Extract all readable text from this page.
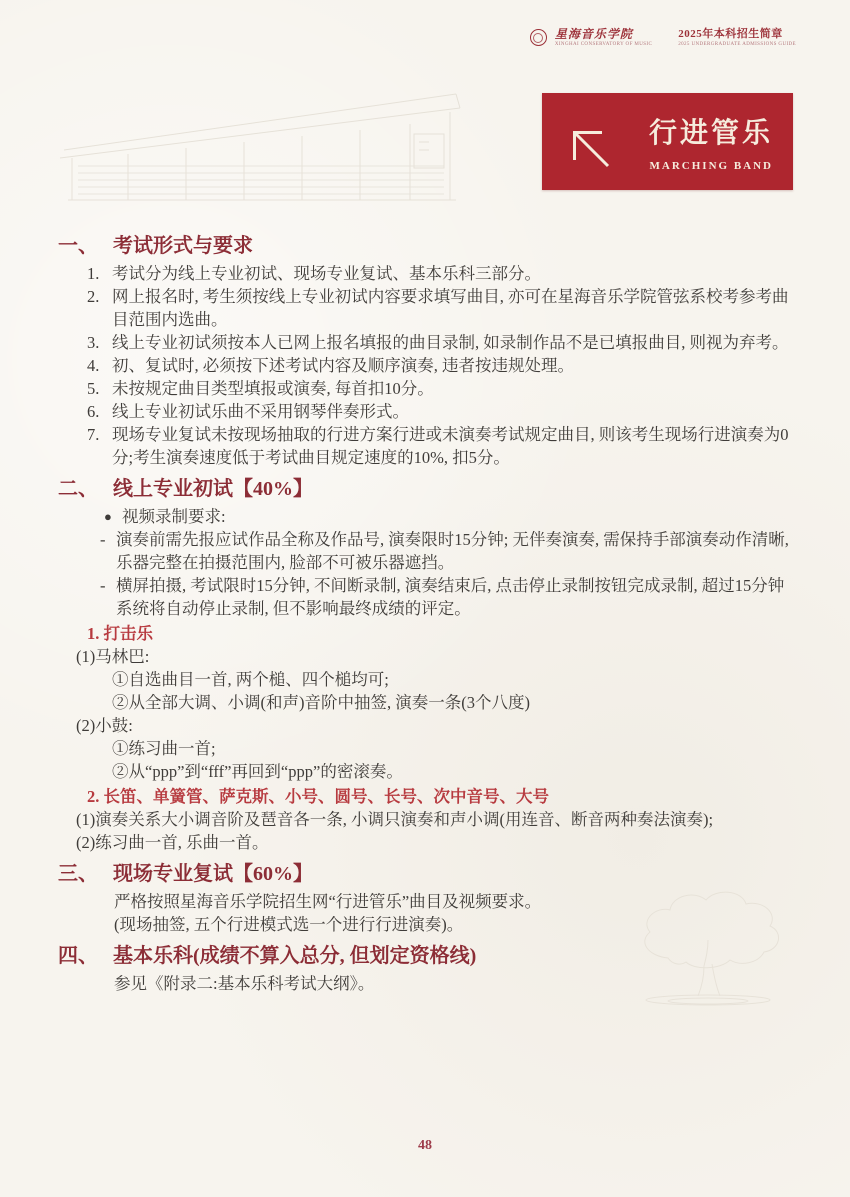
星海音乐学院
XINGHAI CONSERVATORY OF MUSIC
2025年本科招生简章
2025 UNDERGRADUATE ADMISSIONS GUIDE
行进管乐
MARCHING BAND
一、 考试形式与要求
1. 考试分为线上专业初试、现场专业复试、基本乐科三部分。
2. 网上报名时, 考生须按线上专业初试内容要求填写曲目, 亦可在星海音乐学院管弦系校考参考曲目范围内选曲。
3. 线上专业初试须按本人已网上报名填报的曲目录制, 如录制作品不是已填报曲目, 则视为弃考。
4. 初、复试时, 必须按下述考试内容及顺序演奏, 违者按违规处理。
5. 未按规定曲目类型填报或演奏, 每首扣10分。
6. 线上专业初试乐曲不采用钢琴伴奏形式。
7. 现场专业复试未按现场抽取的行进方案行进或未演奏考试规定曲目, 则该考生现场行进演奏为0分;考生演奏速度低于考试曲目规定速度的10%, 扣5分。
二、 线上专业初试【40%】
● 视频录制要求:
- 演奏前需先报应试作品全称及作品号, 演奏限时15分钟; 无伴奏演奏, 需保持手部演奏动作清晰, 乐器完整在拍摄范围内, 脸部不可被乐器遮挡。
- 横屏拍摄, 考试限时15分钟, 不间断录制, 演奏结束后, 点击停止录制按钮完成录制, 超过15分钟系统将自动停止录制, 但不影响最终成绩的评定。
1. 打击乐
(1)马林巴:
①自选曲目一首, 两个槌、四个槌均可;
②从全部大调、小调(和声)音阶中抽签, 演奏一条(3个八度)
(2)小鼓:
①练习曲一首;
②从“ppp”到“fff”再回到“ppp”的密滚奏。
2. 长笛、单簧管、萨克斯、小号、圆号、长号、次中音号、大号
(1)演奏关系大小调音阶及琶音各一条, 小调只演奏和声小调(用连音、断音两种奏法演奏);
(2)练习曲一首, 乐曲一首。
三、 现场专业复试【60%】
严格按照星海音乐学院招生网“行进管乐”曲目及视频要求。
(现场抽签, 五个行进模式选一个进行行进演奏)。
四、 基本乐科(成绩不算入总分, 但划定资格线)
参见《附录二:基本乐科考试大纲》。
48
